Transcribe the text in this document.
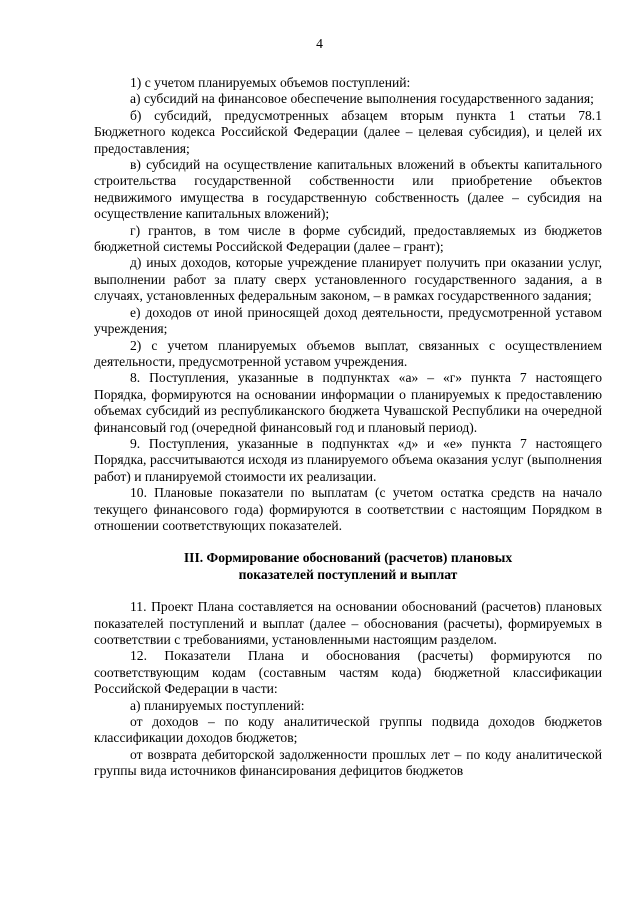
4

1) с учетом планируемых объемов поступлений:

а) субсидий на финансовое обеспечение выполнения государственного задания;

б) субсидий, предусмотренных абзацем вторым пункта 1 статьи 78.1 Бюджетного кодекса Российской Федерации (далее – целевая субсидия), и целей их предоставления;

в) субсидий на осуществление капитальных вложений в объекты капитального строительства государственной собственности или приобретение объектов недвижимого имущества в государственную собственность (далее – субсидия на осуществление капитальных вложений);

г) грантов, в том числе в форме субсидий, предоставляемых из бюджетов бюджетной системы Российской Федерации (далее – грант);

д) иных доходов, которые учреждение планирует получить при оказании услуг, выполнении работ за плату сверх установленного государственного задания, а в случаях, установленных федеральным законом, – в рамках государственного задания;

е) доходов от иной приносящей доход деятельности, предусмотренной уставом учреждения;

2) с учетом планируемых объемов выплат, связанных с осуществлением деятельности, предусмотренной уставом учреждения.

8. Поступления, указанные в подпунктах «а» – «г» пункта 7 настоящего Порядка, формируются на основании информации о планируемых к предоставлению объемах субсидий из республиканского бюджета Чувашской Республики на очередной финансовый год (очередной финансовый год и плановый период).

9. Поступления, указанные в подпунктах «д» и «е» пункта 7 настоящего Порядка, рассчитываются исходя из планируемого объема оказания услуг (выполнения работ) и планируемой стоимости их реализации.

10. Плановые показатели по выплатам (с учетом остатка средств на начало текущего финансового года) формируются в соответствии с настоящим Порядком в отношении соответствующих показателей.

III. Формирование обоснований (расчетов) плановых

показателей поступлений и выплат

11. Проект Плана составляется на основании обоснований (расчетов) плановых показателей поступлений и выплат (далее – обоснования (расчеты), формируемых в соответствии с требованиями, установленными настоящим разделом.

12. Показатели Плана и обоснования (расчеты) формируются по соответствующим кодам (составным частям кода) бюджетной классификации Российской Федерации в части:

а) планируемых поступлений:

от доходов – по коду аналитической группы подвида доходов бюджетов классификации доходов бюджетов;

от возврата дебиторской задолженности прошлых лет – по коду аналитической группы вида источников финансирования дефицитов бюджетов
